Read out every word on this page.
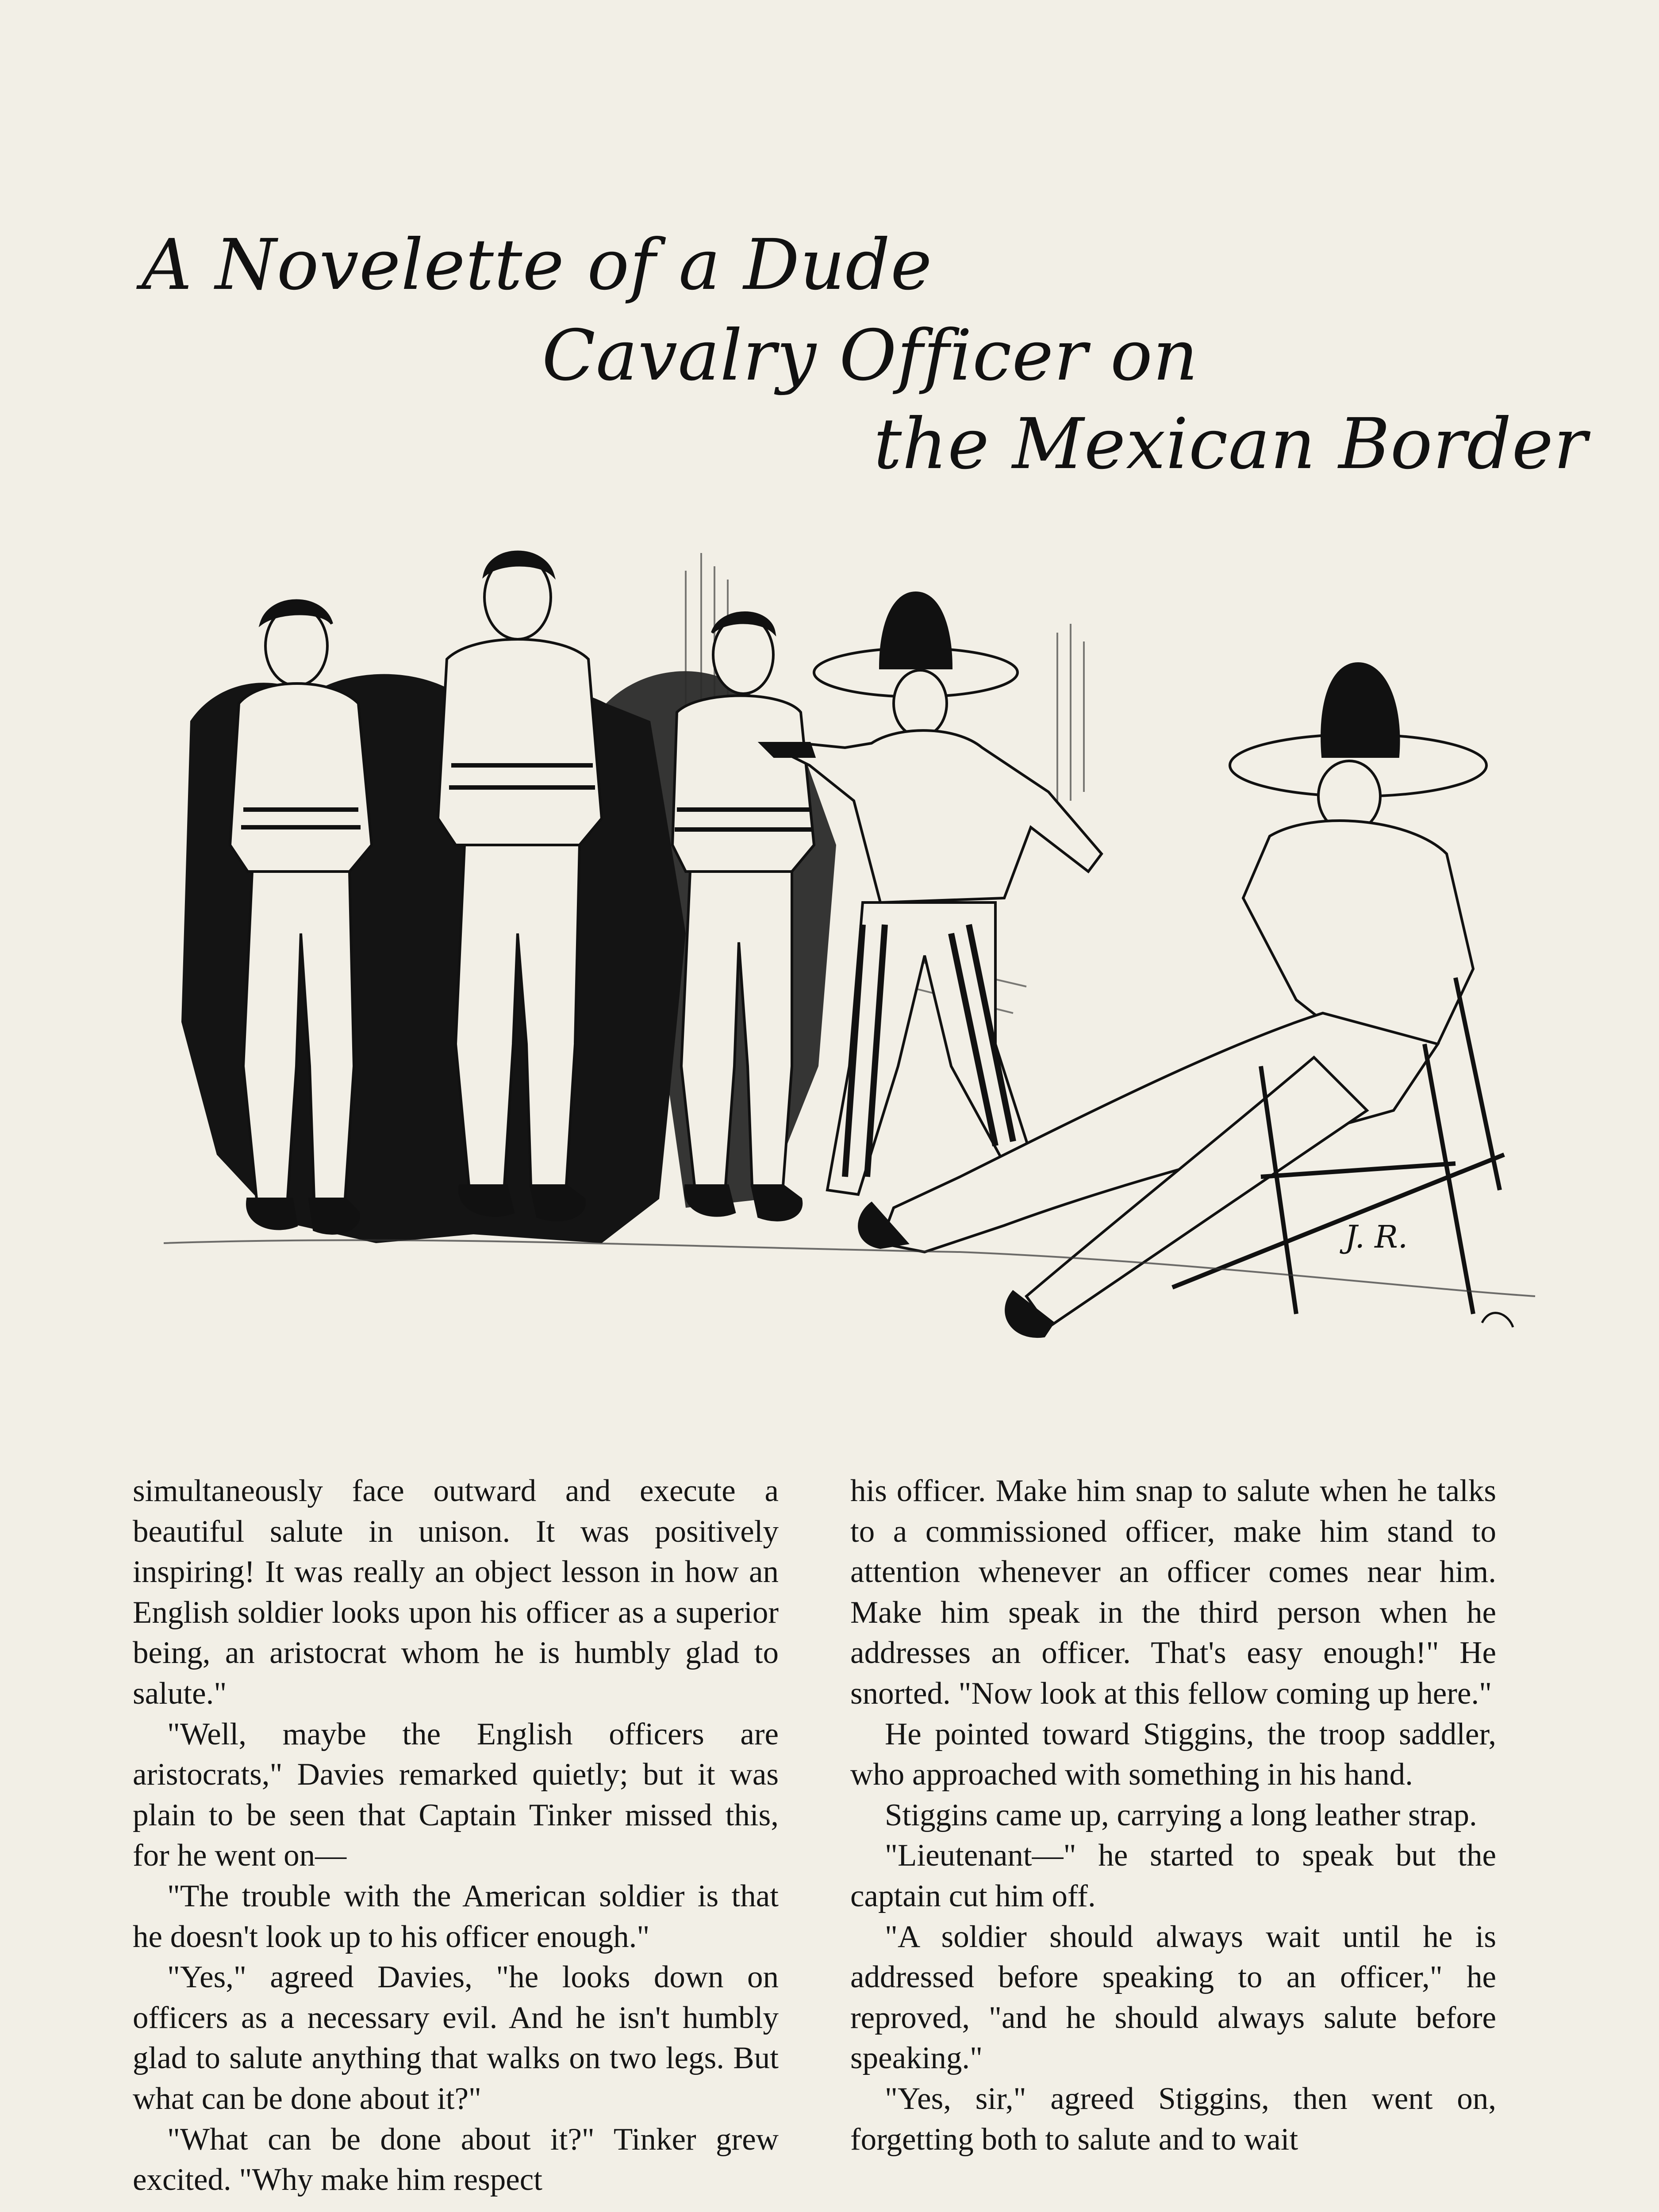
A Novelette of a Dude
Cavalry Officer on
the Mexican Border
J. R.

simultaneously face outward and execute a beautiful salute in unison. It was positively inspiring! It was really an object lesson in how an English soldier looks upon his officer as a superior being, an aristocrat whom he is humbly glad to salute."

"Well, maybe the English officers are aristocrats," Davies remarked quietly; but it was plain to be seen that Captain Tinker missed this, for he went on—

"The trouble with the American soldier is that he doesn't look up to his officer enough."

"Yes," agreed Davies, "he looks down on officers as a necessary evil. And he isn't humbly glad to salute anything that walks on two legs. But what can be done about it?"

"What can be done about it?" Tinker grew excited. "Why make him respect

his officer. Make him snap to salute when he talks to a commissioned officer, make him stand to attention whenever an officer comes near him. Make him speak in the third person when he addresses an officer. That's easy enough!" He snorted. "Now look at this fellow coming up here."

He pointed toward Stiggins, the troop saddler, who approached with something in his hand.

Stiggins came up, carrying a long leather strap.

"Lieutenant—" he started to speak but the captain cut him off.

"A soldier should always wait until he is addressed before speaking to an officer," he reproved, "and he should always salute before speaking."

"Yes, sir," agreed Stiggins, then went on, forgetting both to salute and to wait
